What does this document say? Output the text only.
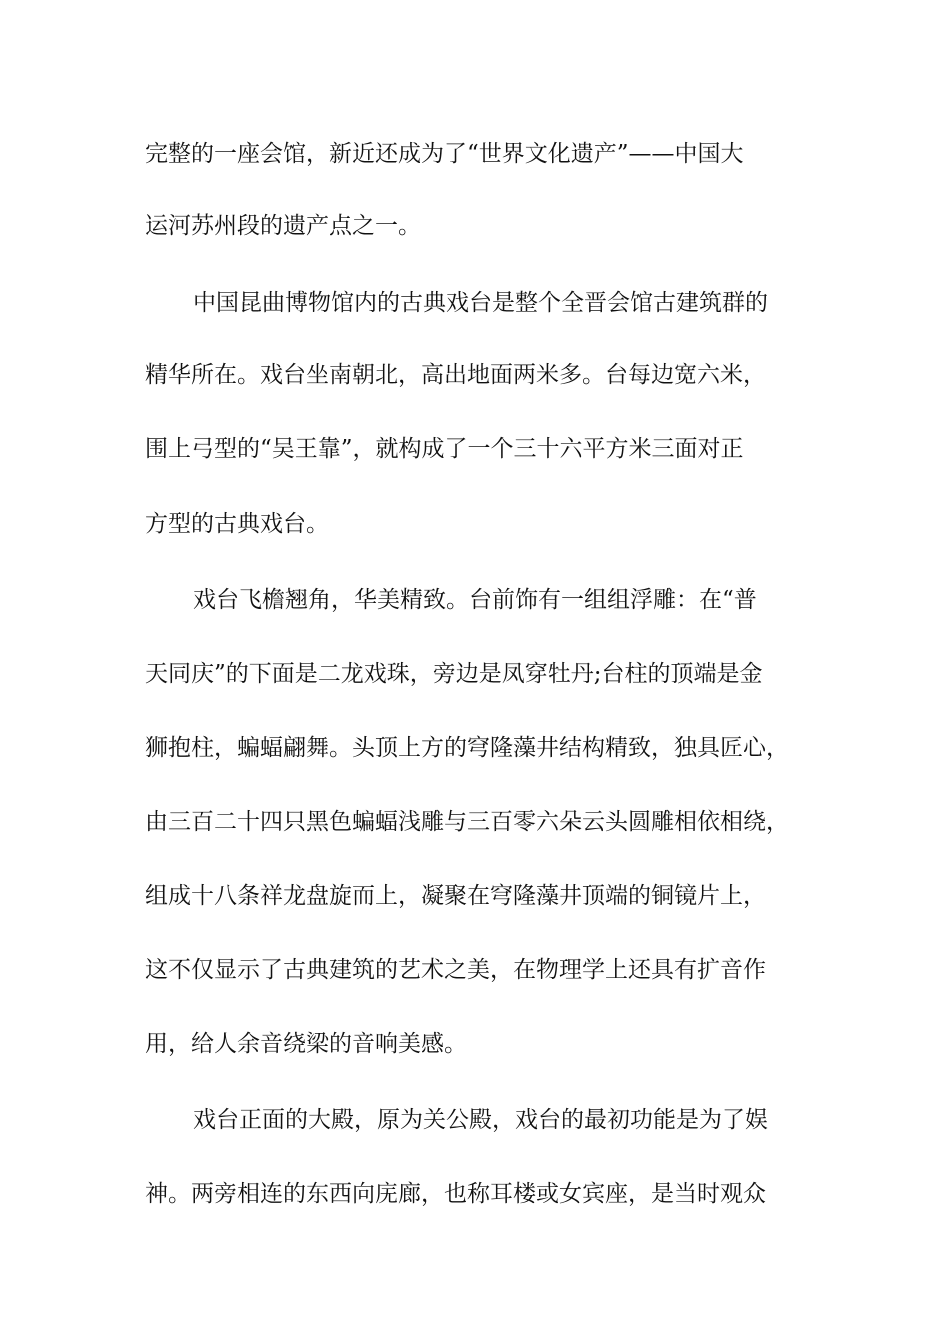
完整的一座会馆，新近还成为了“世界文化遗产”——中国大

运河苏州段的遗产点之一。

中国昆曲博物馆内的古典戏台是整个全晋会馆古建筑群的

精华所在。戏台坐南朝北，高出地面两米多。台每边宽六米，

围上弓型的“吴王靠”，就构成了一个三十六平方米三面对正

方型的古典戏台。

戏台飞檐翘角，华美精致。台前饰有一组组浮雕：在“普

天同庆”的下面是二龙戏珠，旁边是凤穿牡丹;台柱的顶端是金

狮抱柱，蝙蝠翩舞。头顶上方的穹隆藻井结构精致，独具匠心，

由三百二十四只黑色蝙蝠浅雕与三百零六朵云头圆雕相依相绕，

组成十八条祥龙盘旋而上，凝聚在穹隆藻井顶端的铜镜片上，

这不仅显示了古典建筑的艺术之美，在物理学上还具有扩音作

用，给人余音绕梁的音响美感。

戏台正面的大殿，原为关公殿，戏台的最初功能是为了娱

神。两旁相连的东西向庑廊，也称耳楼或女宾座，是当时观众
